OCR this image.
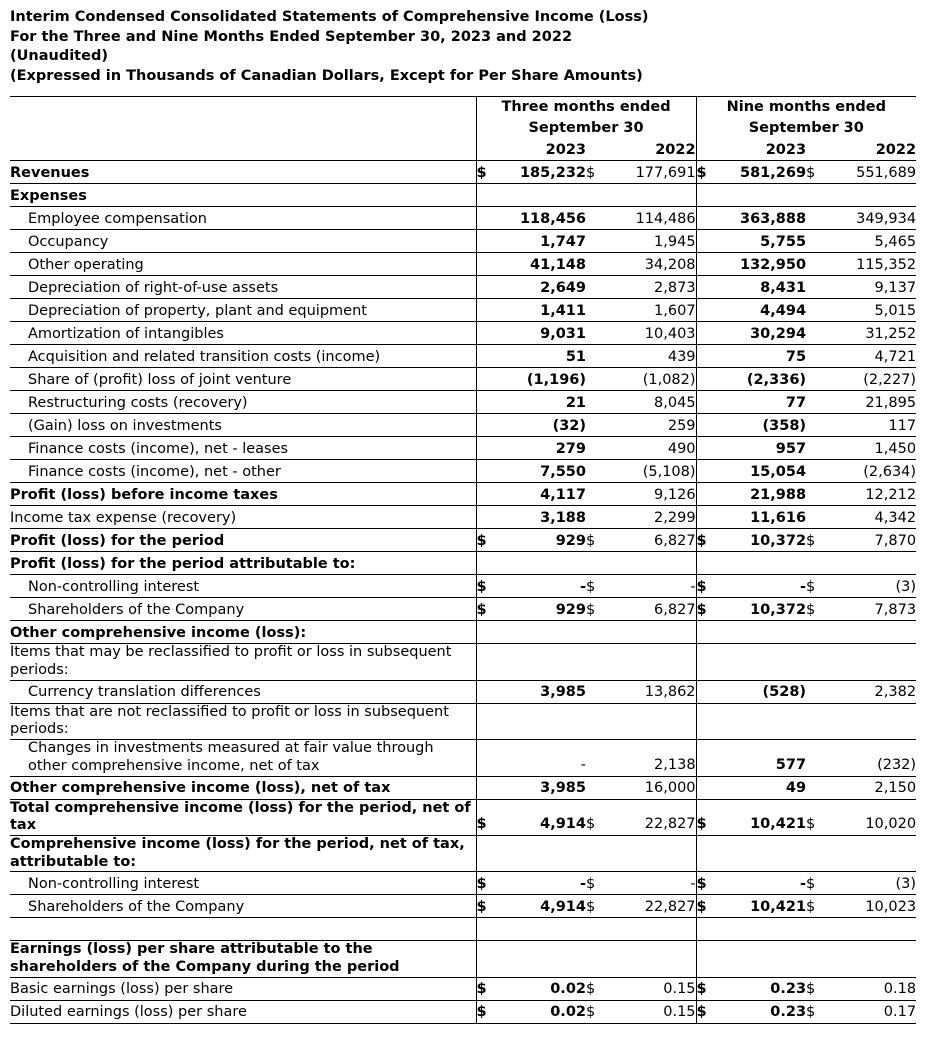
Interim Condensed Consolidated Statements of Comprehensive Income (Loss)
For the Three and Nine Months Ended September 30, 2023 and 2022
(Unaudited)
(Expressed in Thousands of Canadian Dollars, Except for Per Share Amounts)
	Three months ended
September 30				Nine months ended
September 30			
		2023		2022		2023		2022
Revenues	$	185,232	$	177,691	$	581,269	$	551,689
Expenses								
Employee compensation		118,456		114,486		363,888		349,934
Occupancy		1,747		1,945		5,755		5,465
Other operating		41,148		34,208		132,950		115,352
Depreciation of right-of-use assets		2,649		2,873		8,431		9,137
Depreciation of property, plant and equipment		1,411		1,607		4,494		5,015
Amortization of intangibles		9,031		10,403		30,294		31,252
Acquisition and related transition costs (income)		51		439		75		4,721
Share of (profit) loss of joint venture		(1,196)		(1,082)		(2,336)		(2,227)
Restructuring costs (recovery)		21		8,045		77		21,895
(Gain) loss on investments		(32)		259		(358)		117
Finance costs (income), net - leases		279		490		957		1,450
Finance costs (income), net - other		7,550		(5,108)		15,054		(2,634)
Profit (loss) before income taxes		4,117		9,126		21,988		12,212
Income tax expense (recovery)		3,188		2,299		11,616		4,342
Profit (loss) for the period	$	929	$	6,827	$	10,372	$	7,870
Profit (loss) for the period attributable to:								
Non-controlling interest	$	-	$	-	$	-	$	(3)
Shareholders of the Company	$	929	$	6,827	$	10,372	$	7,873
Other comprehensive income (loss):								
Items that may be reclassified to profit or loss in subsequent periods:								
Currency translation differences		3,985		13,862		(528)		2,382
Items that are not reclassified to profit or loss in subsequent periods:								
Changes in investments measured at fair value through other comprehensive income, net of tax		-		2,138		577		(232)
Other comprehensive income (loss), net of tax		3,985		16,000		49		2,150
Total comprehensive income (loss) for the period, net of tax	$	4,914	$	22,827	$	10,421	$	10,020
Comprehensive income (loss) for the period, net of tax, attributable to:								
Non-controlling interest	$	-	$	-	$	-	$	(3)
Shareholders of the Company	$	4,914	$	22,827	$	10,421	$	10,023

Earnings (loss) per share attributable to the shareholders of the Company during the period								
Basic earnings (loss) per share	$	0.02	$	0.15	$	0.23	$	0.18
Diluted earnings (loss) per share	$	0.02	$	0.15	$	0.23	$	0.17
